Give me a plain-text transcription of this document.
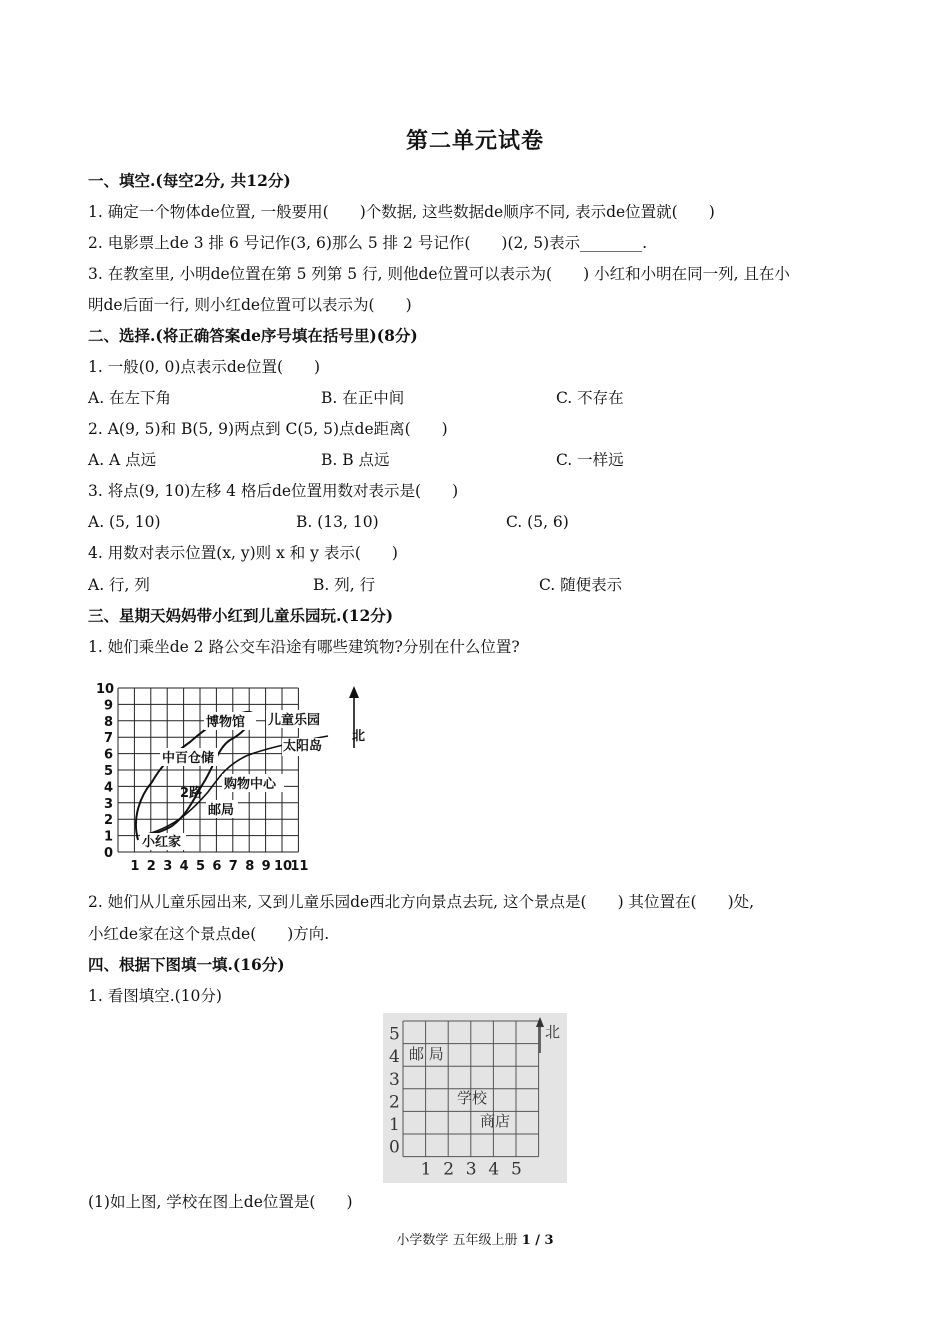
第二单元试卷
一、填空.(每空2分, 共12分)
1. 确定一个物体de位置, 一般要用(　　)个数据, 这些数据de顺序不同, 表示de位置就(　　)
2. 电影票上de 3 排 6 号记作(3, 6)那么 5 排 2 号记作(　　)(2, 5)表示________.
3. 在教室里, 小明de位置在第 5 列第 5 行, 则他de位置可以表示为(　　) 小红和小明在同一列, 且在小
明de后面一行, 则小红de位置可以表示为(　　)
二、选择.(将正确答案de序号填在括号里)(8分)
1. 一般(0, 0)点表示de位置(　　)
A. 在左下角	B. 在正中间	C. 不存在
2. A(9, 5)和 B(5, 9)两点到 C(5, 5)点de距离(　　)
A. A 点远	B. B 点远	C. 一样远
3. 将点(9, 10)左移 4 格后de位置用数对表示是(　　)
A. (5, 10)	B. (13, 10)	C. (5, 6)
4. 用数对表示位置(x, y)则 x 和 y 表示(　　)
A. 行, 列	B. 列, 行	C. 随便表示
三、星期天妈妈带小红到儿童乐园玩.(12分)
1. 她们乘坐de 2 路公交车沿途有哪些建筑物?分别在什么位置?
0
1
2
3
4
5
6
7
8
9
10
1 2 3 4 5 6 7 8 9 10
11
北
博物馆 儿童乐园
太阳岛
中百仓储
购物中心
2路
邮局
小红家
2. 她们从儿童乐园出来, 又到儿童乐园de西北方向景点去玩, 这个景点是(　　) 其位置在(　　)处,
小红de家在这个景点de(　　)方向.
四、根据下图填一填.(16分)
1. 看图填空.(10分)
0
1
2
3
4
5
1 2 3 4 5
北
邮 局
学校
商店
(1)如上图, 学校在图上de位置是(　　)
小学数学 五年级上册 1 / 3
